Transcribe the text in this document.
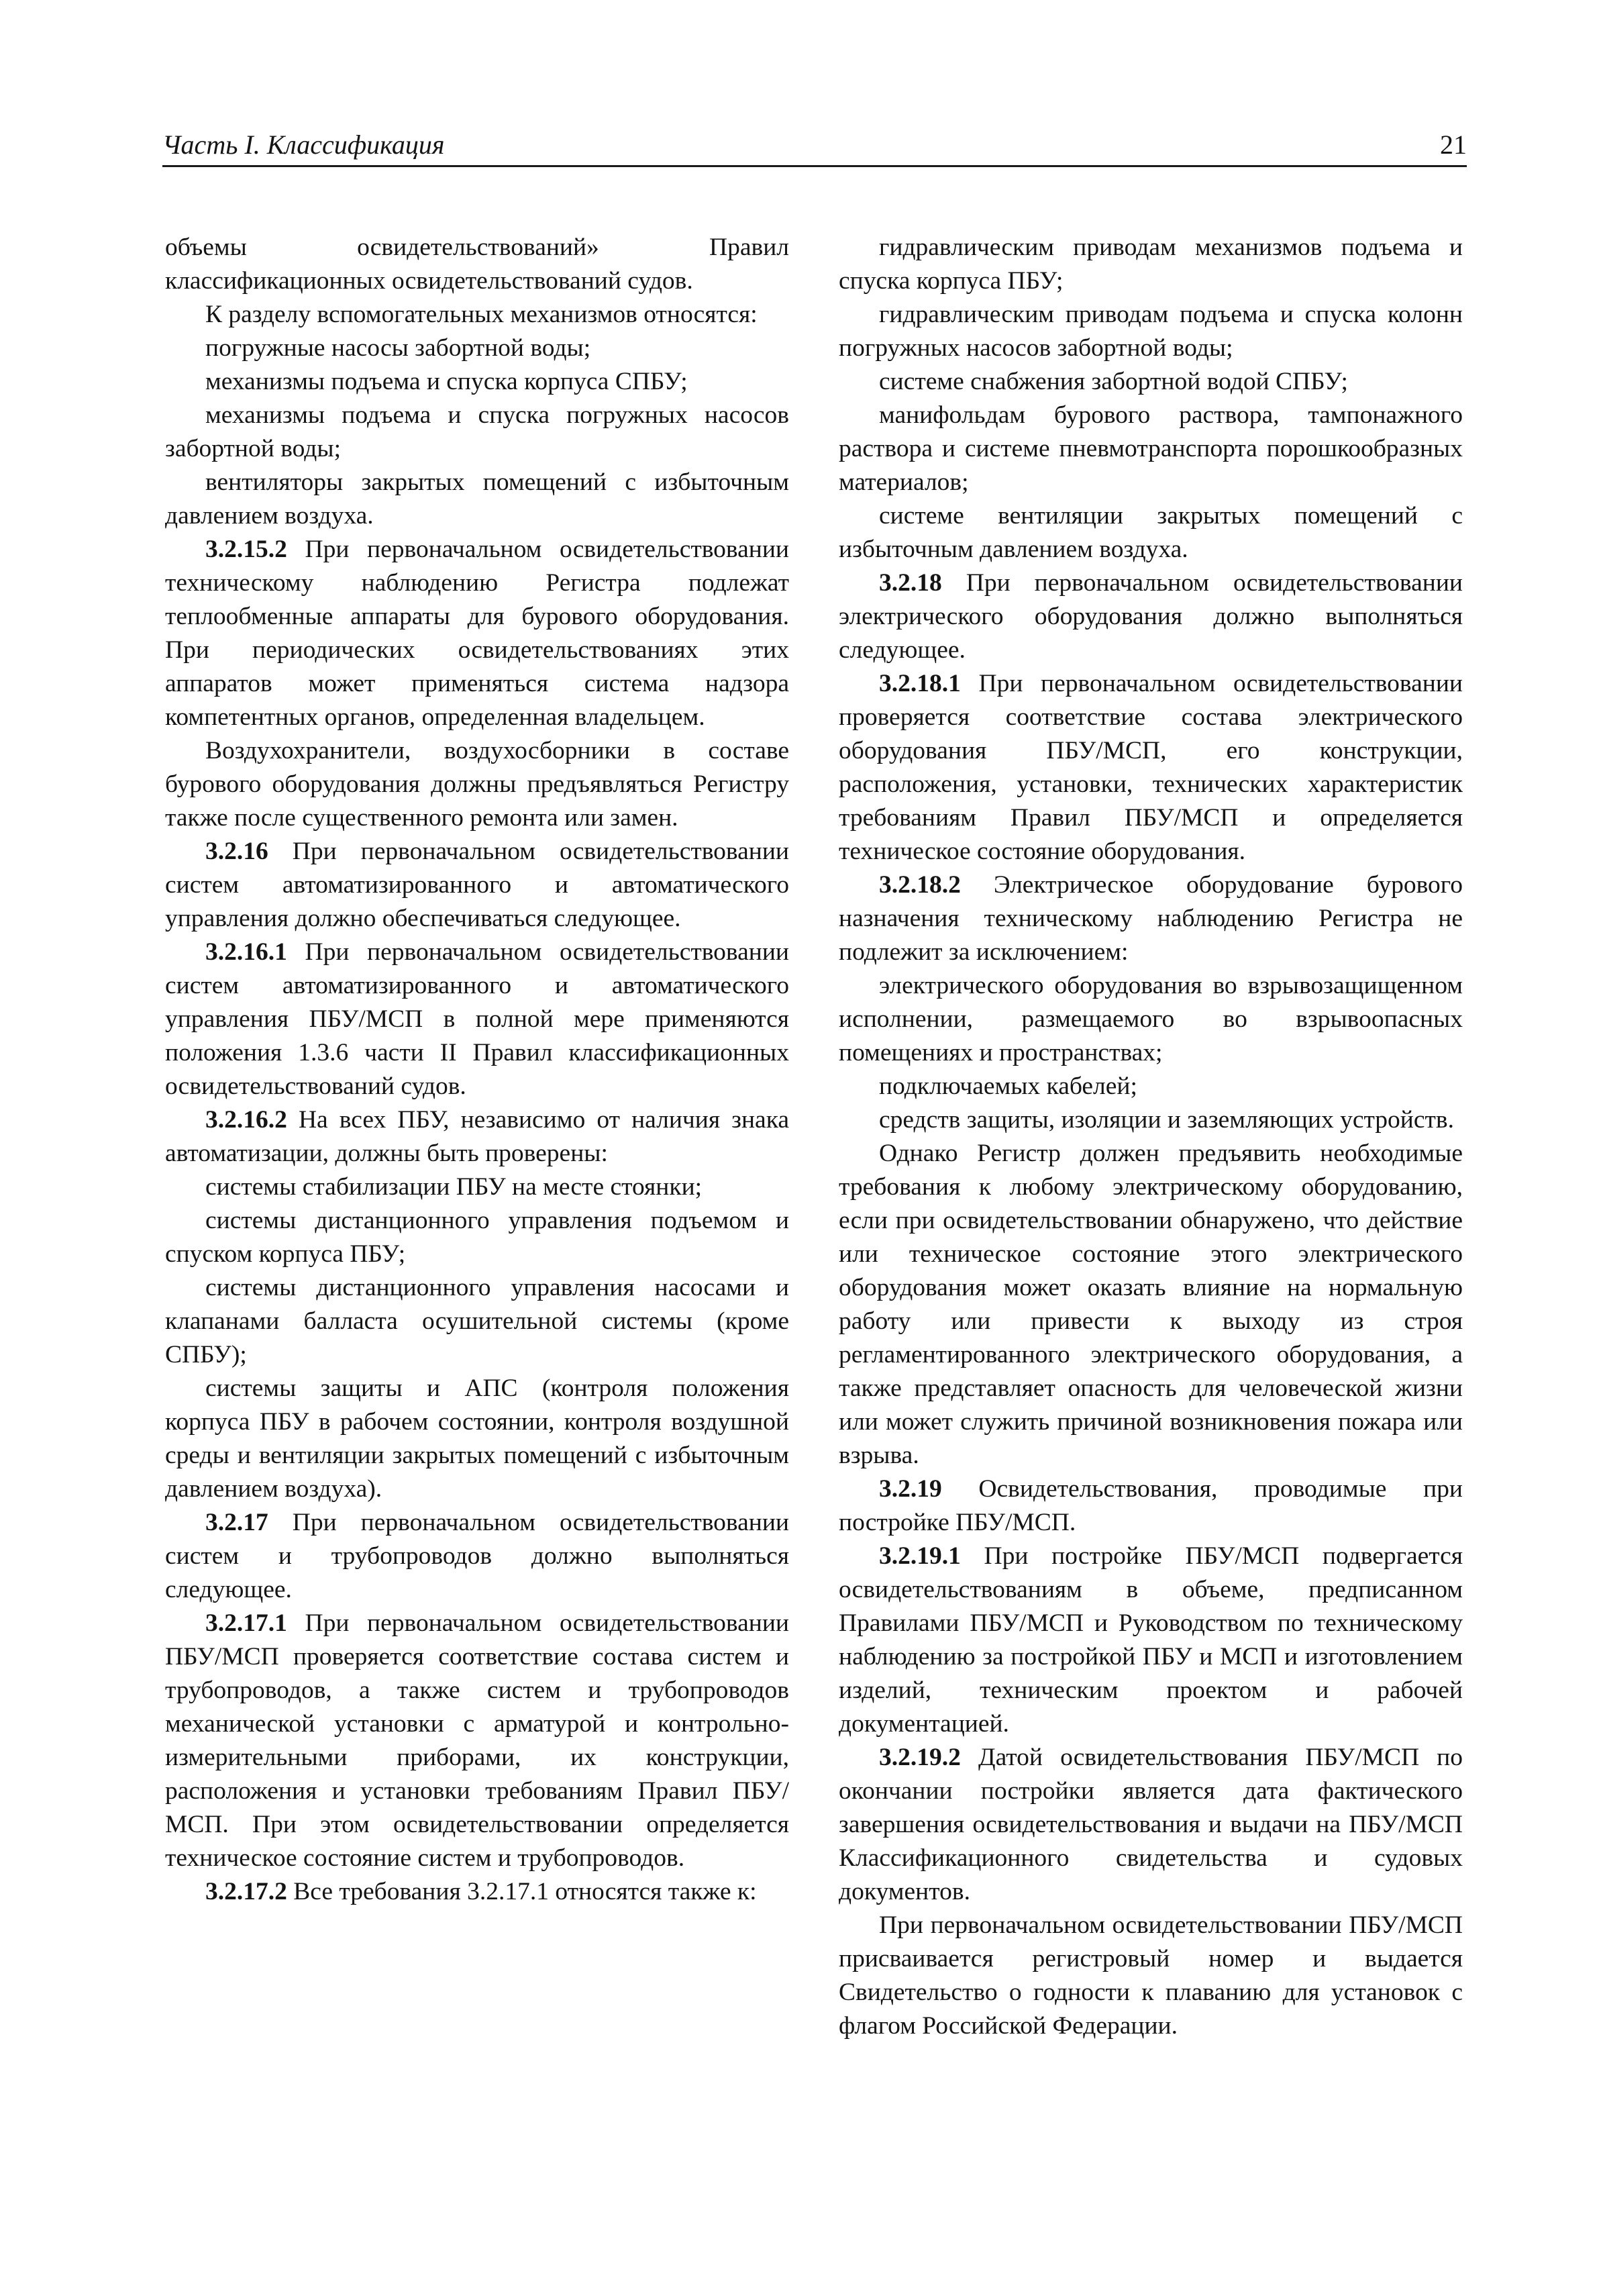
Часть I. Классификация	21

объемы освидетельствований» Правил классификационных освидетельствований судов.

К разделу вспомогательных механизмов относятся:

погружные насосы забортной воды;

механизмы подъема и спуска корпуса СПБУ;

механизмы подъема и спуска погружных насосов забортной воды;

вентиляторы закрытых помещений с избыточным давлением воздуха.

3.2.15.2 При первоначальном освидетельствовании техническому наблюдению Регистра подлежат теплообменные аппараты для бурового оборудования. При периодических освидетельствованиях этих аппаратов может применяться система надзора компетентных органов, определенная владельцем.

Воздухохранители, воздухосборники в составе бурового оборудования должны предъявляться Регистру также после существенного ремонта или замен.

3.2.16 При первоначальном освидетельствовании систем автоматизированного и автоматического управления должно обеспечиваться следующее.

3.2.16.1 При первоначальном освидетельствовании систем автоматизированного и автоматического управления ПБУ/МСП в полной мере применяются положения 1.3.6 части II Правил классификационных освидетельствований судов.

3.2.16.2 На всех ПБУ, независимо от наличия знака автоматизации, должны быть проверены:

системы стабилизации ПБУ на месте стоянки;

системы дистанционного управления подъемом и спуском корпуса ПБУ;

системы дистанционного управления насосами и клапанами балласта осушительной системы (кроме СПБУ);

системы защиты и АПС (контроля положения корпуса ПБУ в рабочем состоянии, контроля воздушной среды и вентиляции закрытых помещений с избыточным давлением воздуха).

3.2.17 При первоначальном освидетельствовании систем и трубопроводов должно выполняться следующее.

3.2.17.1 При первоначальном освидетельствовании ПБУ/МСП проверяется соответствие состава систем и трубопроводов, а также систем и трубопроводов механической установки с арматурой и контрольно-измерительными приборами, их конструкции, расположения и установки требованиям Правил ПБУ/МСП. При этом освидетельствовании определяется техническое состояние систем и трубопроводов.

3.2.17.2 Все требования 3.2.17.1 относятся также к:

гидравлическим приводам механизмов подъема и спуска корпуса ПБУ;

гидравлическим приводам подъема и спуска колонн погружных насосов забортной воды;

системе снабжения забортной водой СПБУ;

манифольдам бурового раствора, тампонажного раствора и системе пневмотранспорта порошкообразных материалов;

системе вентиляции закрытых помещений с избыточным давлением воздуха.

3.2.18 При первоначальном освидетельствовании электрического оборудования должно выполняться следующее.

3.2.18.1 При первоначальном освидетельствовании проверяется соответствие состава электрического оборудования ПБУ/МСП, его конструкции, расположения, установки, технических характеристик требованиям Правил ПБУ/МСП и определяется техническое состояние оборудования.

3.2.18.2 Электрическое оборудование бурового назначения техническому наблюдению Регистра не подлежит за исключением:

электрического оборудования во взрывозащищенном исполнении, размещаемого во взрывоопасных помещениях и пространствах;

подключаемых кабелей;

средств защиты, изоляции и заземляющих устройств.

Однако Регистр должен предъявить необходимые требования к любому электрическому оборудованию, если при освидетельствовании обнаружено, что действие или техническое состояние этого электрического оборудования может оказать влияние на нормальную работу или привести к выходу из строя регламентированного электрического оборудования, а также представляет опасность для человеческой жизни или может служить причиной возникновения пожара или взрыва.

3.2.19 Освидетельствования, проводимые при постройке ПБУ/МСП.

3.2.19.1 При постройке ПБУ/МСП подвергается освидетельствованиям в объеме, предписанном Правилами ПБУ/МСП и Руководством по техническому наблюдению за постройкой ПБУ и МСП и изготовлением изделий, техническим проектом и рабочей документацией.

3.2.19.2 Датой освидетельствования ПБУ/МСП по окончании постройки является дата фактического завершения освидетельствования и выдачи на ПБУ/МСП Классификационного свидетельства и судовых документов.

При первоначальном освидетельствовании ПБУ/МСП присваивается регистровый номер и выдается Свидетельство о годности к плаванию для установок с флагом Российской Федерации.
